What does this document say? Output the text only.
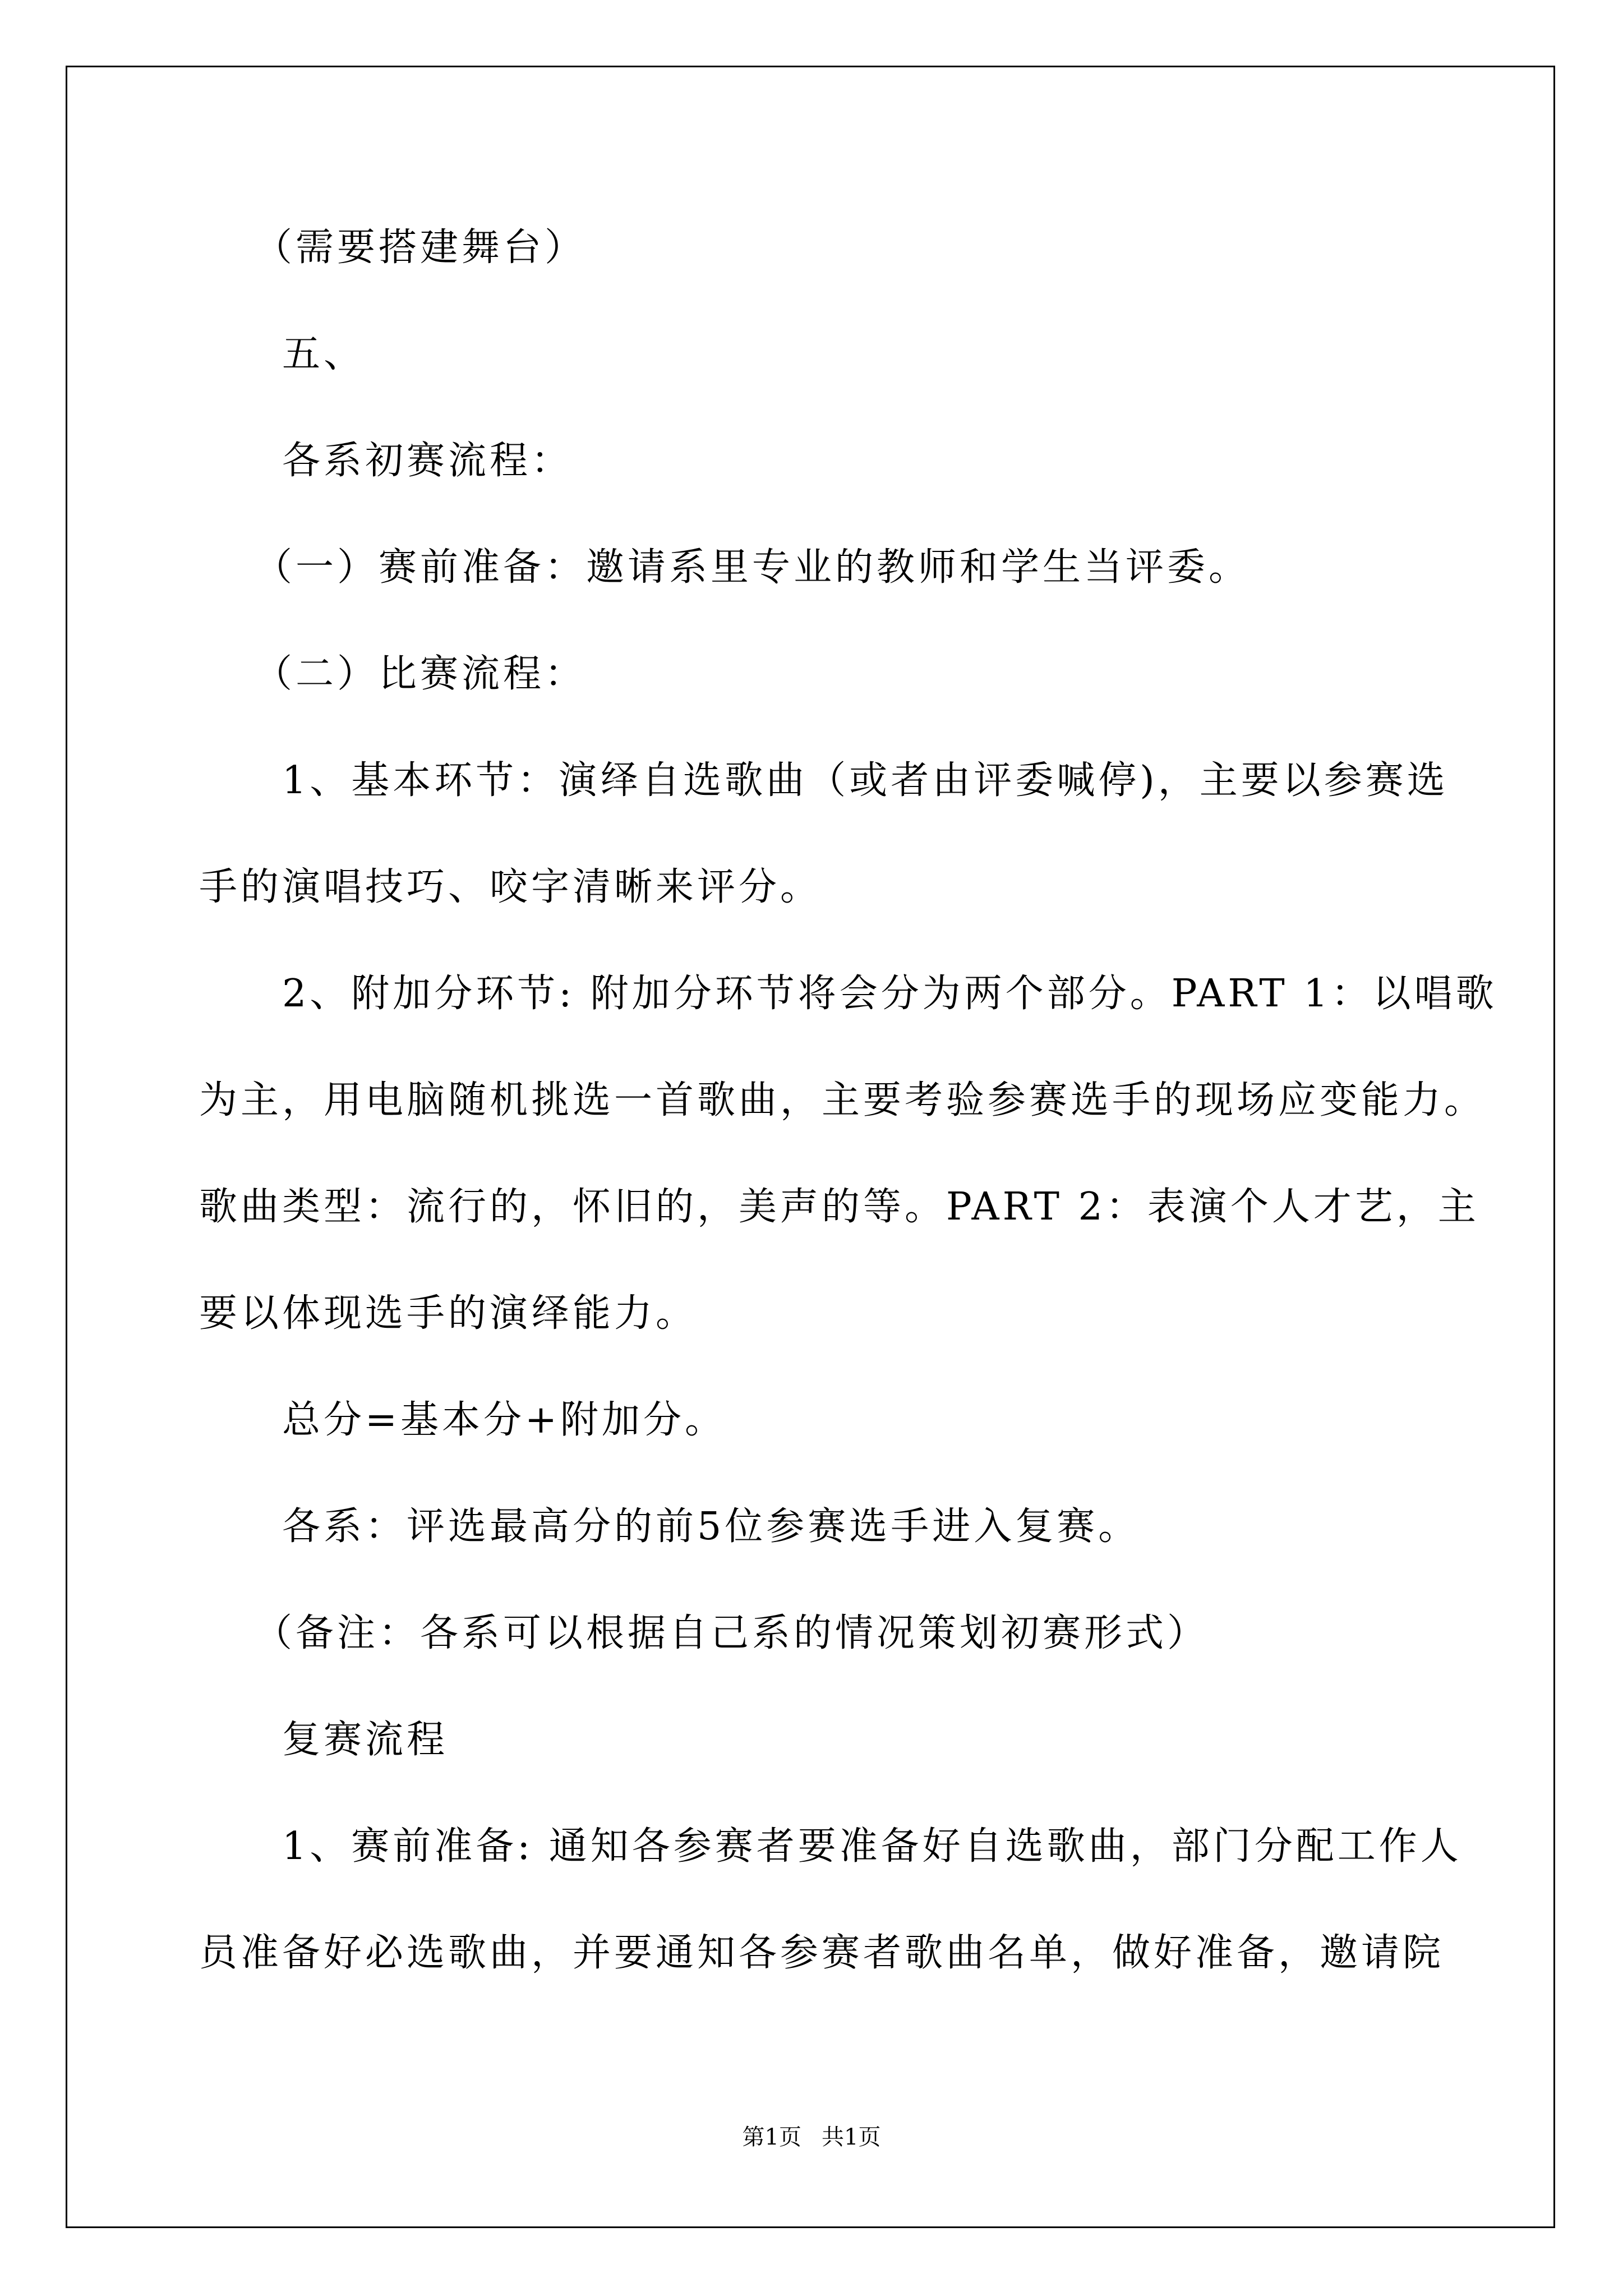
（需要搭建舞台）
五、
各系初赛流程：
（一）赛前准备：邀请系里专业的教师和学生当评委。
（二）比赛流程：
1、基本环节：演绎自选歌曲（或者由评委喊停)，主要以参赛选
手的演唱技巧、咬字清晰来评分。
2、附加分环节: 附加分环节将会分为两个部分。PART 1：以唱歌
为主，用电脑随机挑选一首歌曲，主要考验参赛选手的现场应变能力。
歌曲类型：流行的，怀旧的，美声的等。PART 2：表演个人才艺，主
要以体现选手的演绎能力。
总分=基本分+附加分。
各系：评选最高分的前5位参赛选手进入复赛。
（备注：各系可以根据自己系的情况策划初赛形式）
复赛流程
1、赛前准备: 通知各参赛者要准备好自选歌曲，部门分配工作人
员准备好必选歌曲，并要通知各参赛者歌曲名单，做好准备，邀请院
第1页 共1页
